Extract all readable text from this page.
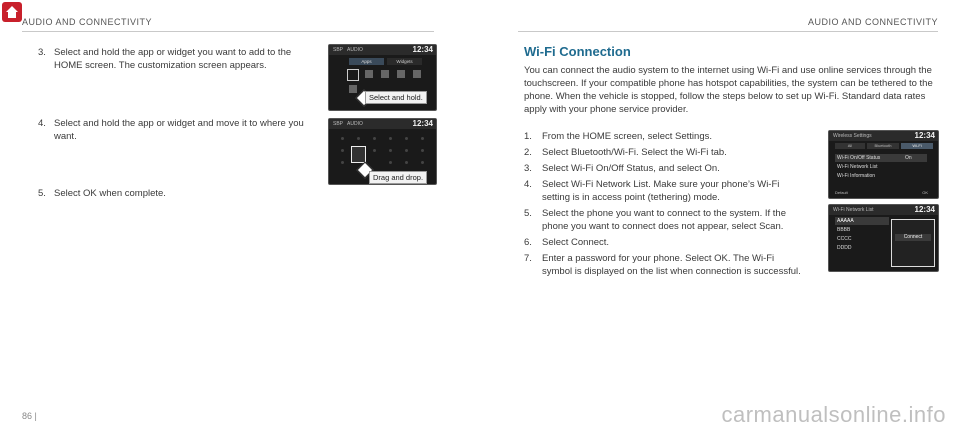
AUDIO AND CONNECTIVITY	AUDIO AND CONNECTIVITY
3. Select and hold the app or widget you want to add to the HOME screen. The customization screen appears.
4. Select and hold the app or widget and move it to where you want.
5. Select OK when complete.
SBP AUDIO	12:34
Apps	Widgets
Select and hold.
SBP AUDIO	12:34
Drag and drop.
Wi-Fi Connection
You can connect the audio system to the internet using Wi-Fi and use online services through the touchscreen. If your compatible phone has hotspot capabilities, the system can be tethered to the phone. When the vehicle is stopped, follow the steps below to set up Wi-Fi. Standard data rates apply with your phone service provider.
1.	From the HOME screen, select Settings.
2.	Select Bluetooth/Wi-Fi. Select the Wi-Fi tab.
3.	Select Wi-Fi On/Off Status, and select On.
4.	Select Wi-Fi Network List. Make sure your phone’s Wi-Fi setting is in access point (tethering) mode.
5.	Select the phone you want to connect to the system. If the phone you want to connect does not appear, select Scan.
6.	Select Connect.
7.	Enter a password for your phone. Select OK. The Wi-Fi symbol is displayed on the list when connection is successful.
Wireless Settings	12:34
All	Bluetooth	Wi-Fi
Wi-Fi On/Off Status	On
Wi-Fi Network List
Wi-Fi Information
Default	OK
Wi-Fi Network List	12:34
AAAAA
BBBB
CCCC
DDDD
Connect
86 |	carmanualsonline.info
